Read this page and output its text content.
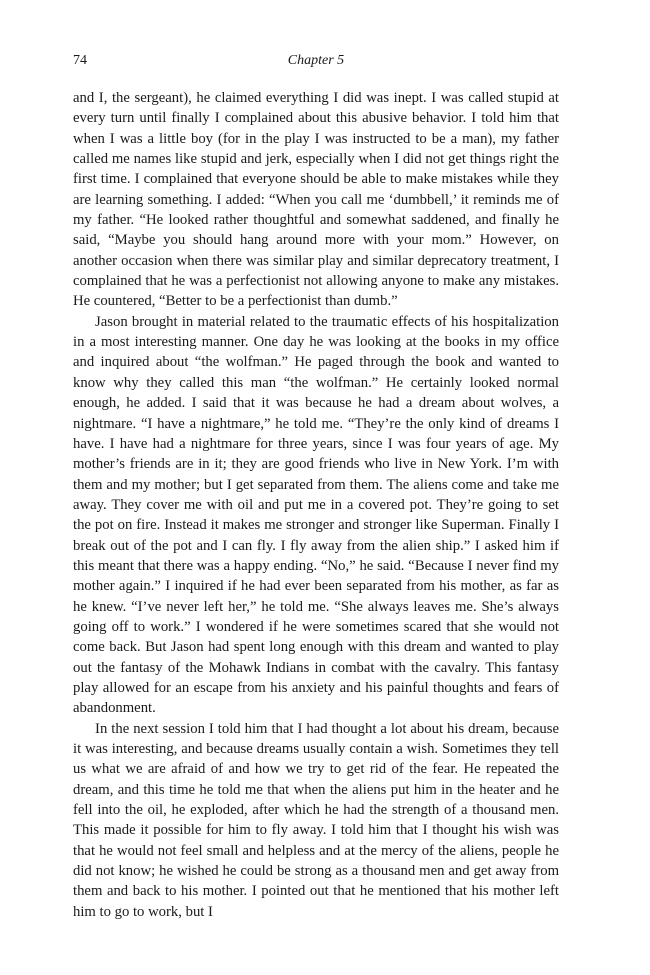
74	Chapter 5

and I, the sergeant), he claimed everything I did was inept. I was called stupid at every turn until finally I complained about this abusive behavior. I told him that when I was a little boy (for in the play I was instructed to be a man), my father called me names like stupid and jerk, especially when I did not get things right the first time. I complained that everyone should be able to make mistakes while they are learning something. I added: “When you call me ‘dumbbell,’ it reminds me of my father. “He looked rather thoughtful and somewhat saddened, and finally he said, “Maybe you should hang around more with your mom.” However, on another occasion when there was similar play and similar deprecatory treatment, I complained that he was a perfectionist not allowing anyone to make any mistakes. He countered, “Better to be a perfectionist than dumb.”

Jason brought in material related to the traumatic effects of his hospitalization in a most interesting manner. One day he was looking at the books in my office and inquired about “the wolfman.” He paged through the book and wanted to know why they called this man “the wolfman.” He certainly looked normal enough, he added. I said that it was because he had a dream about wolves, a nightmare. “I have a nightmare,” he told me. “They’re the only kind of dreams I have. I have had a nightmare for three years, since I was four years of age. My mother’s friends are in it; they are good friends who live in New York. I’m with them and my mother; but I get separated from them. The aliens come and take me away. They cover me with oil and put me in a covered pot. They’re going to set the pot on fire. Instead it makes me stronger and stronger like Superman. Finally I break out of the pot and I can fly. I fly away from the alien ship.” I asked him if this meant that there was a happy ending. “No,” he said. “Because I never find my mother again.” I inquired if he had ever been separated from his mother, as far as he knew. “I’ve never left her,” he told me. “She always leaves me. She’s always going off to work.” I wondered if he were sometimes scared that she would not come back. But Jason had spent long enough with this dream and wanted to play out the fantasy of the Mohawk Indians in combat with the cavalry. This fantasy play allowed for an escape from his anxiety and his painful thoughts and fears of abandonment.

In the next session I told him that I had thought a lot about his dream, because it was interesting, and because dreams usually contain a wish. Sometimes they tell us what we are afraid of and how we try to get rid of the fear. He repeated the dream, and this time he told me that when the aliens put him in the heater and he fell into the oil, he exploded, after which he had the strength of a thousand men. This made it possible for him to fly away. I told him that I thought his wish was that he would not feel small and helpless and at the mercy of the aliens, people he did not know; he wished he could be strong as a thousand men and get away from them and back to his mother. I pointed out that he mentioned that his mother left him to go to work, but I
